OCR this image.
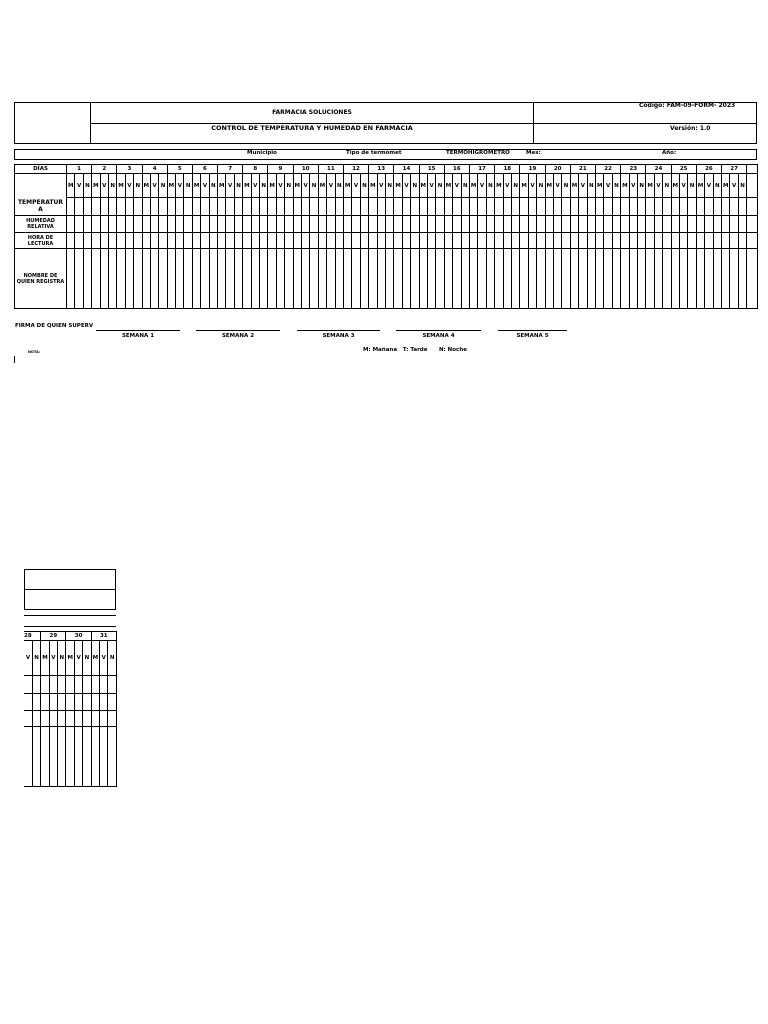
FARMACIA SOLUCIONES
CONTROL DE TEMPERATURA Y HUMEDAD EN FARMACIA
Codigo: FAM-09-FORM- 2023
Versión: 1.0
Municipio	Tipo de termómet	TERMOHIGROMETRO	Mes:	Año:
DÍAS	1	2	3	4	5	6	7	8	9	10	11	12	13	14	15	16	17	18	19	20	21	22	23	24	25	26	27	
	M	V	N	M	V	N	M	V	N	M	V	N	M	V	N	M	V	N	M	V	N	M	V	N	M	V	N	M	V	N	M	V	N	M	V	N	M	V	N	M	V	N	M	V	N	M	V	N	M	V	N	M	V	N	M	V	N	M	V	N	M	V	N	M	V	N	M	V	N	M	V	N	M	V	N	M	V	N	M	V	N	
TEMPERATUR A																																																																																		
HUMEDAD RELATIVA																																																																																		
HORA DE LECTURA																																																																																		
NOMBRE DE QUIEN REGISTRA																																																																																		
28		29			30			31		
V	N	M	V	N	M	V	N	M	V	N

FIRMA DE QUIEN SUPERV
SEMANA 1	SEMANA 2	SEMANA 3	SEMANA 4	SEMANA 5
NOTA:	M: Mañana   T: Tarde      N: Noche
